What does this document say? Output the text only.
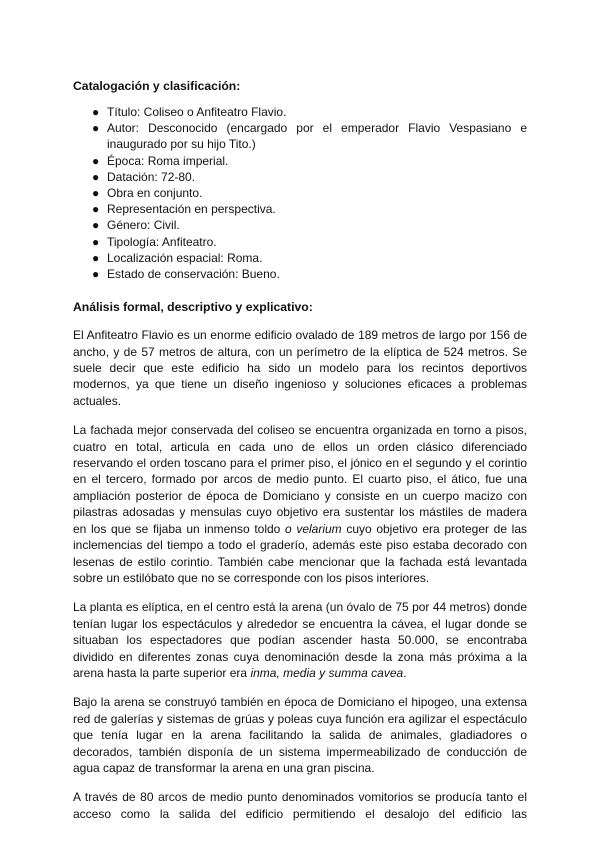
Catalogación y clasificación:
● Título: Coliseo o Anfiteatro Flavio.
● Autor: Desconocido (encargado por el emperador Flavio Vespasiano e inaugurado por su hijo Tito.)
● Época: Roma imperial.
● Datación: 72-80.
● Obra en conjunto.
● Representación en perspectiva.
● Género: Civil.
● Tipología: Anfiteatro.
● Localización espacial: Roma.
● Estado de conservación: Bueno.
Análisis formal, descriptivo y explicativo:

El Anfiteatro Flavio es un enorme edificio ovalado de 189 metros de largo por 156 de ancho, y de 57 metros de altura, con un perímetro de la elíptica de 524 metros. Se suele decir que este edificio ha sido un modelo para los recintos deportivos modernos, ya que tiene un diseño ingenioso y soluciones eficaces a problemas actuales.

La fachada mejor conservada del coliseo se encuentra organizada en torno a pisos, cuatro en total, articula en cada uno de ellos un orden clásico diferenciado reservando el orden toscano para el primer piso, el jónico en el segundo y el corintio en el tercero, formado por arcos de medio punto. El cuarto piso, el ático, fue una ampliación posterior de época de Domiciano y consiste en un cuerpo macizo con pilastras adosadas y mensulas cuyo objetivo era sustentar los mástiles de madera en los que se fijaba un inmenso toldo o velarium cuyo objetivo era proteger de las inclemencias del tiempo a todo el graderío, además este piso estaba decorado con lesenas de estilo corintio. También cabe mencionar que la fachada está levantada sobre un estilóbato que no se corresponde con los pisos interiores.

La planta es elíptica, en el centro está la arena (un óvalo de 75 por 44 metros) donde tenían lugar los espectáculos y alrededor se encuentra la cávea, el lugar donde se situaban los espectadores que podían ascender hasta 50.000, se encontraba dividido en diferentes zonas cuya denominación desde la zona más próxima a la arena hasta la parte superior era inma, media y summa cavea.

Bajo la arena se construyó también en época de Domiciano el hipogeo, una extensa red de galerías y sistemas de grúas y poleas cuya función era agilizar el espectáculo que tenía lugar en la arena facilitando la salida de animales, gladiadores o decorados, también disponía de un sistema impermeabilizado de conducción de agua capaz de transformar la arena en una gran piscina.

A través de 80 arcos de medio punto denominados vomitorios se producía tanto el acceso como la salida del edificio permitiendo el desalojo del edificio las
